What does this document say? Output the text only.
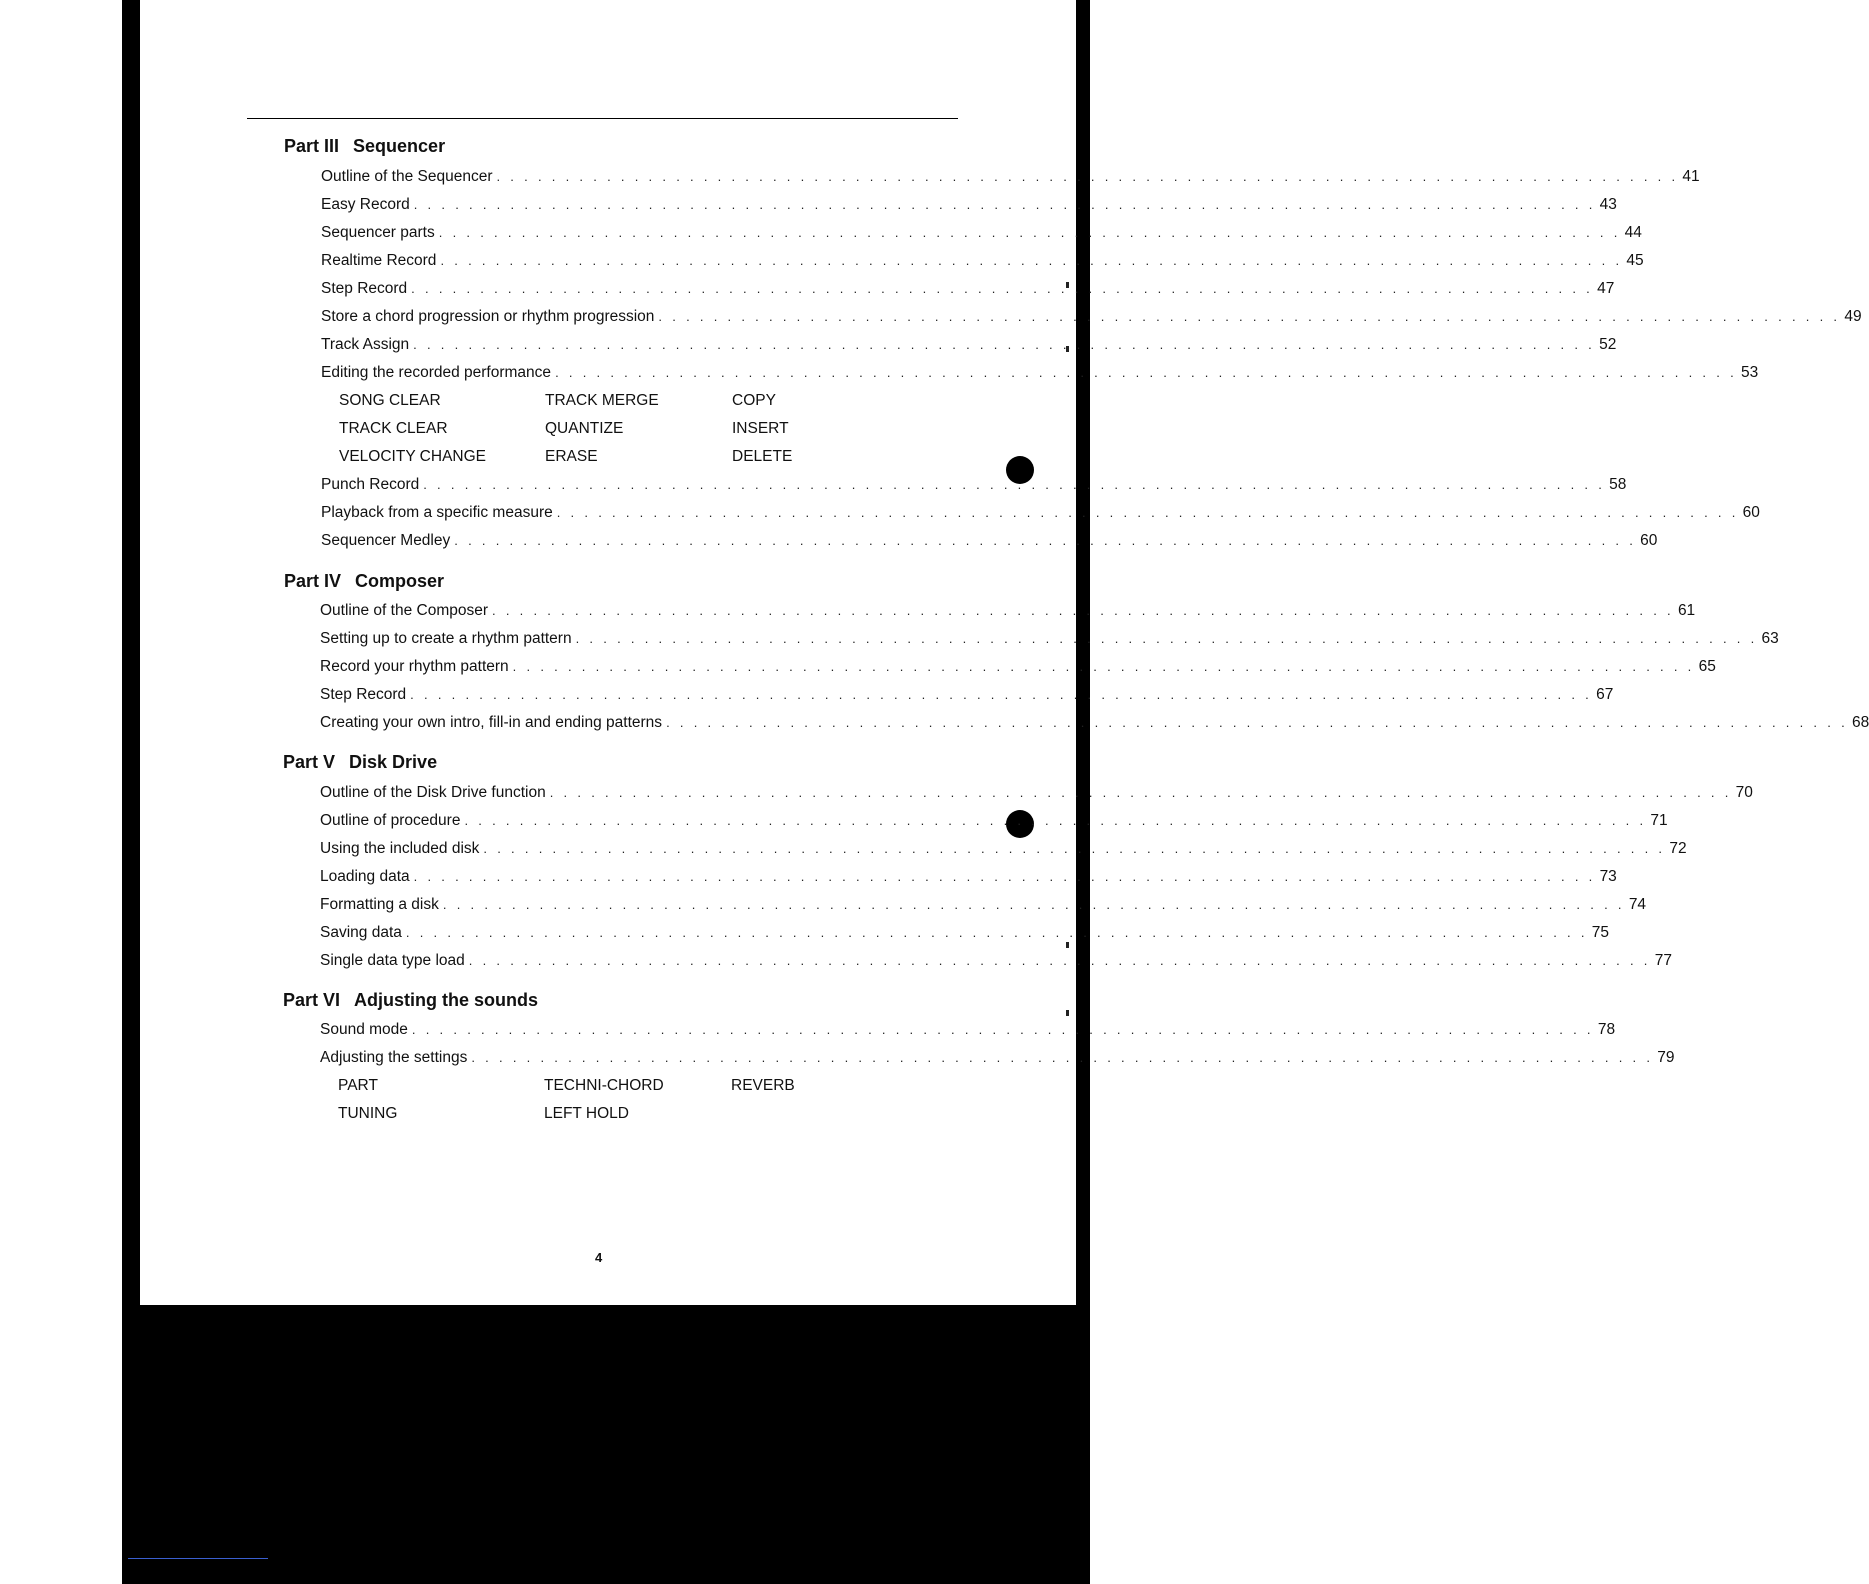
Part III Sequencer
Outline of the Sequencer . . . . . . . . . . . . . . . . . . . . . . . . . . . . . . . . . . . . . . . . . . . . . . . . . . . . . . . . . . . . . . . . . . . . . . . . . . . . . . . . . . . . . . 41
Easy Record . . . . . . . . . . . . . . . . . . . . . . . . . . . . . . . . . . . . . . . . . . . . . . . . . . . . . . . . . . . . . . . . . . . . . . . . . . . . . . . . . . . . . . 43
Sequencer parts . . . . . . . . . . . . . . . . . . . . . . . . . . . . . . . . . . . . . . . . . . . . . . . . . . . . . . . . . . . . . . . . . . . . . . . . . . . . . . . . . . . . . . 44
Realtime Record . . . . . . . . . . . . . . . . . . . . . . . . . . . . . . . . . . . . . . . . . . . . . . . . . . . . . . . . . . . . . . . . . . . . . . . . . . . . . . . . . . . . . . 45
Step Record . . . . . . . . . . . . . . . . . . . . . . . . . . . . . . . . . . . . . . . . . . . . . . . . . . . . . . . . . . . . . . . . . . . . . . . . . . . . . . . . . . . . . . 47
Store a chord progression or rhythm progression . . . . . . . . . . . . . . . . . . . . . . . . . . . . . . . . . . . . . . . . . . . . . . . . . . . . . . . . . . . . . . . . . . . . . . . . . . . . . . . . . . . . . . 49
Track Assign . . . . . . . . . . . . . . . . . . . . . . . . . . . . . . . . . . . . . . . . . . . . . . . . . . . . . . . . . . . . . . . . . . . . . . . . . . . . . . . . . . . . . . 52
Editing the recorded performance . . . . . . . . . . . . . . . . . . . . . . . . . . . . . . . . . . . . . . . . . . . . . . . . . . . . . . . . . . . . . . . . . . . . . . . . . . . . . . . . . . . . . . 53
SONG CLEAR	TRACK MERGE	COPY
TRACK CLEAR	QUANTIZE	INSERT
VELOCITY CHANGE	ERASE	DELETE
Punch Record . . . . . . . . . . . . . . . . . . . . . . . . . . . . . . . . . . . . . . . . . . . . . . . . . . . . . . . . . . . . . . . . . . . . . . . . . . . . . . . . . . . . . . 58
Playback from a specific measure . . . . . . . . . . . . . . . . . . . . . . . . . . . . . . . . . . . . . . . . . . . . . . . . . . . . . . . . . . . . . . . . . . . . . . . . . . . . . . . . . . . . . . 60
Sequencer Medley . . . . . . . . . . . . . . . . . . . . . . . . . . . . . . . . . . . . . . . . . . . . . . . . . . . . . . . . . . . . . . . . . . . . . . . . . . . . . . . . . . . . . . 60
Part IV Composer
Outline of the Composer . . . . . . . . . . . . . . . . . . . . . . . . . . . . . . . . . . . . . . . . . . . . . . . . . . . . . . . . . . . . . . . . . . . . . . . . . . . . . . . . . . . . . . 61
Setting up to create a rhythm pattern . . . . . . . . . . . . . . . . . . . . . . . . . . . . . . . . . . . . . . . . . . . . . . . . . . . . . . . . . . . . . . . . . . . . . . . . . . . . . . . . . . . . . . 63
Record your rhythm pattern . . . . . . . . . . . . . . . . . . . . . . . . . . . . . . . . . . . . . . . . . . . . . . . . . . . . . . . . . . . . . . . . . . . . . . . . . . . . . . . . . . . . . . 65
Step Record . . . . . . . . . . . . . . . . . . . . . . . . . . . . . . . . . . . . . . . . . . . . . . . . . . . . . . . . . . . . . . . . . . . . . . . . . . . . . . . . . . . . . . 67
Creating your own intro, fill-in and ending patterns . . . . . . . . . . . . . . . . . . . . . . . . . . . . . . . . . . . . . . . . . . . . . . . . . . . . . . . . . . . . . . . . . . . . . . . . . . . . . . . . . . . . . . 68
Part V Disk Drive
Outline of the Disk Drive function . . . . . . . . . . . . . . . . . . . . . . . . . . . . . . . . . . . . . . . . . . . . . . . . . . . . . . . . . . . . . . . . . . . . . . . . . . . . . . . . . . . . . . 70
Outline of procedure . . . . . . . . . . . . . . . . . . . . . . . . . . . . . . . . . . . . . . . . . . . . . . . . . . . . . . . . . . . . . . . . . . . . . . . . . . . . . . . . . . . . . . 71
Using the included disk . . . . . . . . . . . . . . . . . . . . . . . . . . . . . . . . . . . . . . . . . . . . . . . . . . . . . . . . . . . . . . . . . . . . . . . . . . . . . . . . . . . . . . 72
Loading data . . . . . . . . . . . . . . . . . . . . . . . . . . . . . . . . . . . . . . . . . . . . . . . . . . . . . . . . . . . . . . . . . . . . . . . . . . . . . . . . . . . . . . 73
Formatting a disk . . . . . . . . . . . . . . . . . . . . . . . . . . . . . . . . . . . . . . . . . . . . . . . . . . . . . . . . . . . . . . . . . . . . . . . . . . . . . . . . . . . . . . 74
Saving data . . . . . . . . . . . . . . . . . . . . . . . . . . . . . . . . . . . . . . . . . . . . . . . . . . . . . . . . . . . . . . . . . . . . . . . . . . . . . . . . . . . . . . 75
Single data type load . . . . . . . . . . . . . . . . . . . . . . . . . . . . . . . . . . . . . . . . . . . . . . . . . . . . . . . . . . . . . . . . . . . . . . . . . . . . . . . . . . . . . . 77
Part VI Adjusting the sounds
Sound mode . . . . . . . . . . . . . . . . . . . . . . . . . . . . . . . . . . . . . . . . . . . . . . . . . . . . . . . . . . . . . . . . . . . . . . . . . . . . . . . . . . . . . . 78
Adjusting the settings . . . . . . . . . . . . . . . . . . . . . . . . . . . . . . . . . . . . . . . . . . . . . . . . . . . . . . . . . . . . . . . . . . . . . . . . . . . . . . . . . . . . . . 79
PART	TECHNI-CHORD	REVERB
TUNING	LEFT HOLD
4
